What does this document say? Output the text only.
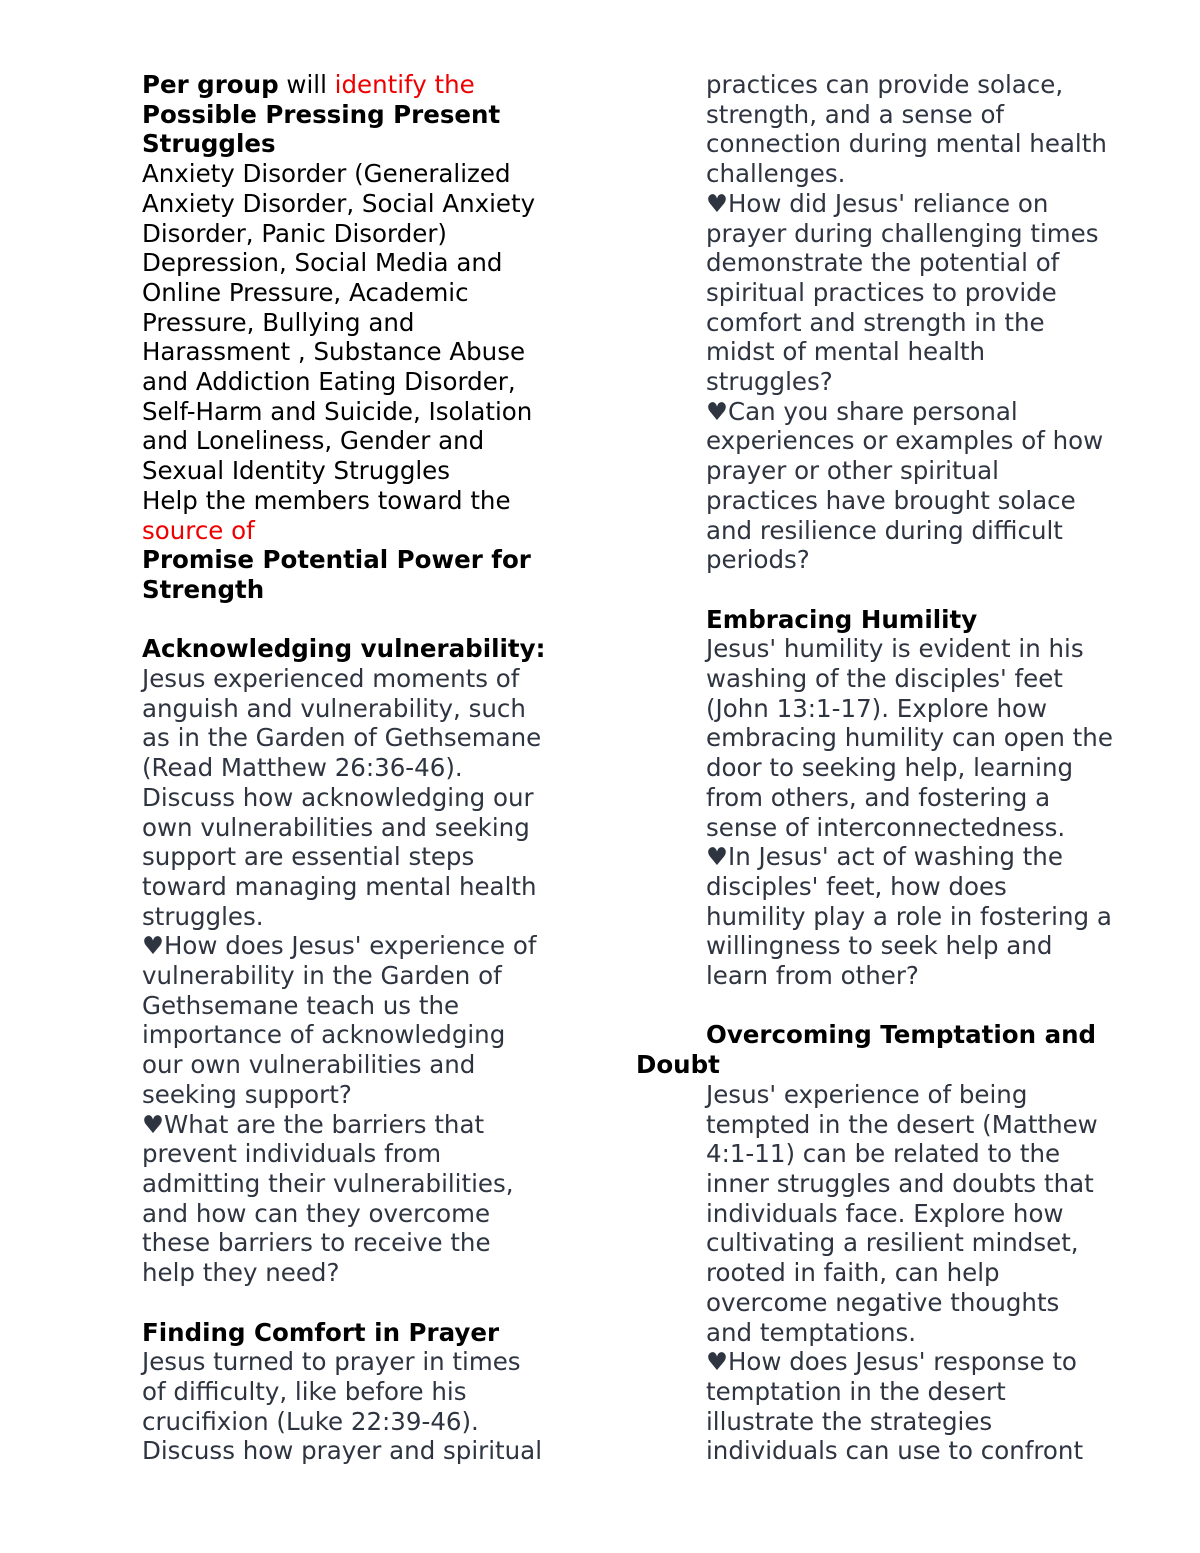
Per group will identify the
Possible Pressing Present
Struggles
Anxiety Disorder (Generalized
Anxiety Disorder, Social Anxiety
Disorder, Panic Disorder)
Depression, Social Media and
Online Pressure, Academic
Pressure, Bullying and
Harassment , Substance Abuse
and Addiction Eating Disorder,
Self-Harm and Suicide, Isolation
and Loneliness, Gender and
Sexual Identity Struggles
Help the members toward the
source of
Promise Potential Power for
Strength
Acknowledging vulnerability:
Jesus experienced moments of
anguish and vulnerability, such
as in the Garden of Gethsemane
(Read Matthew 26:36-46).
Discuss how acknowledging our
own vulnerabilities and seeking
support are essential steps
toward managing mental health
struggles.
♥How does Jesus' experience of
vulnerability in the Garden of
Gethsemane teach us the
importance of acknowledging
our own vulnerabilities and
seeking support?
♥What are the barriers that
prevent individuals from
admitting their vulnerabilities,
and how can they overcome
these barriers to receive the
help they need?
Finding Comfort in Prayer
Jesus turned to prayer in times
of difficulty, like before his
crucifixion (Luke 22:39-46).
Discuss how prayer and spiritual
practices can provide solace,
strength, and a sense of
connection during mental health
challenges.
♥How did Jesus' reliance on
prayer during challenging times
demonstrate the potential of
spiritual practices to provide
comfort and strength in the
midst of mental health
struggles?
♥Can you share personal
experiences or examples of how
prayer or other spiritual
practices have brought solace
and resilience during difficult
periods?
Embracing Humility
Jesus' humility is evident in his
washing of the disciples' feet
(John 13:1-17). Explore how
embracing humility can open the
door to seeking help, learning
from others, and fostering a
sense of interconnectedness.
♥In Jesus' act of washing the
disciples' feet, how does
humility play a role in fostering a
willingness to seek help and
learn from other?
Overcoming Temptation and
Doubt
Jesus' experience of being
tempted in the desert (Matthew
4:1-11) can be related to the
inner struggles and doubts that
individuals face. Explore how
cultivating a resilient mindset,
rooted in faith, can help
overcome negative thoughts
and temptations.
♥How does Jesus' response to
temptation in the desert
illustrate the strategies
individuals can use to confront
